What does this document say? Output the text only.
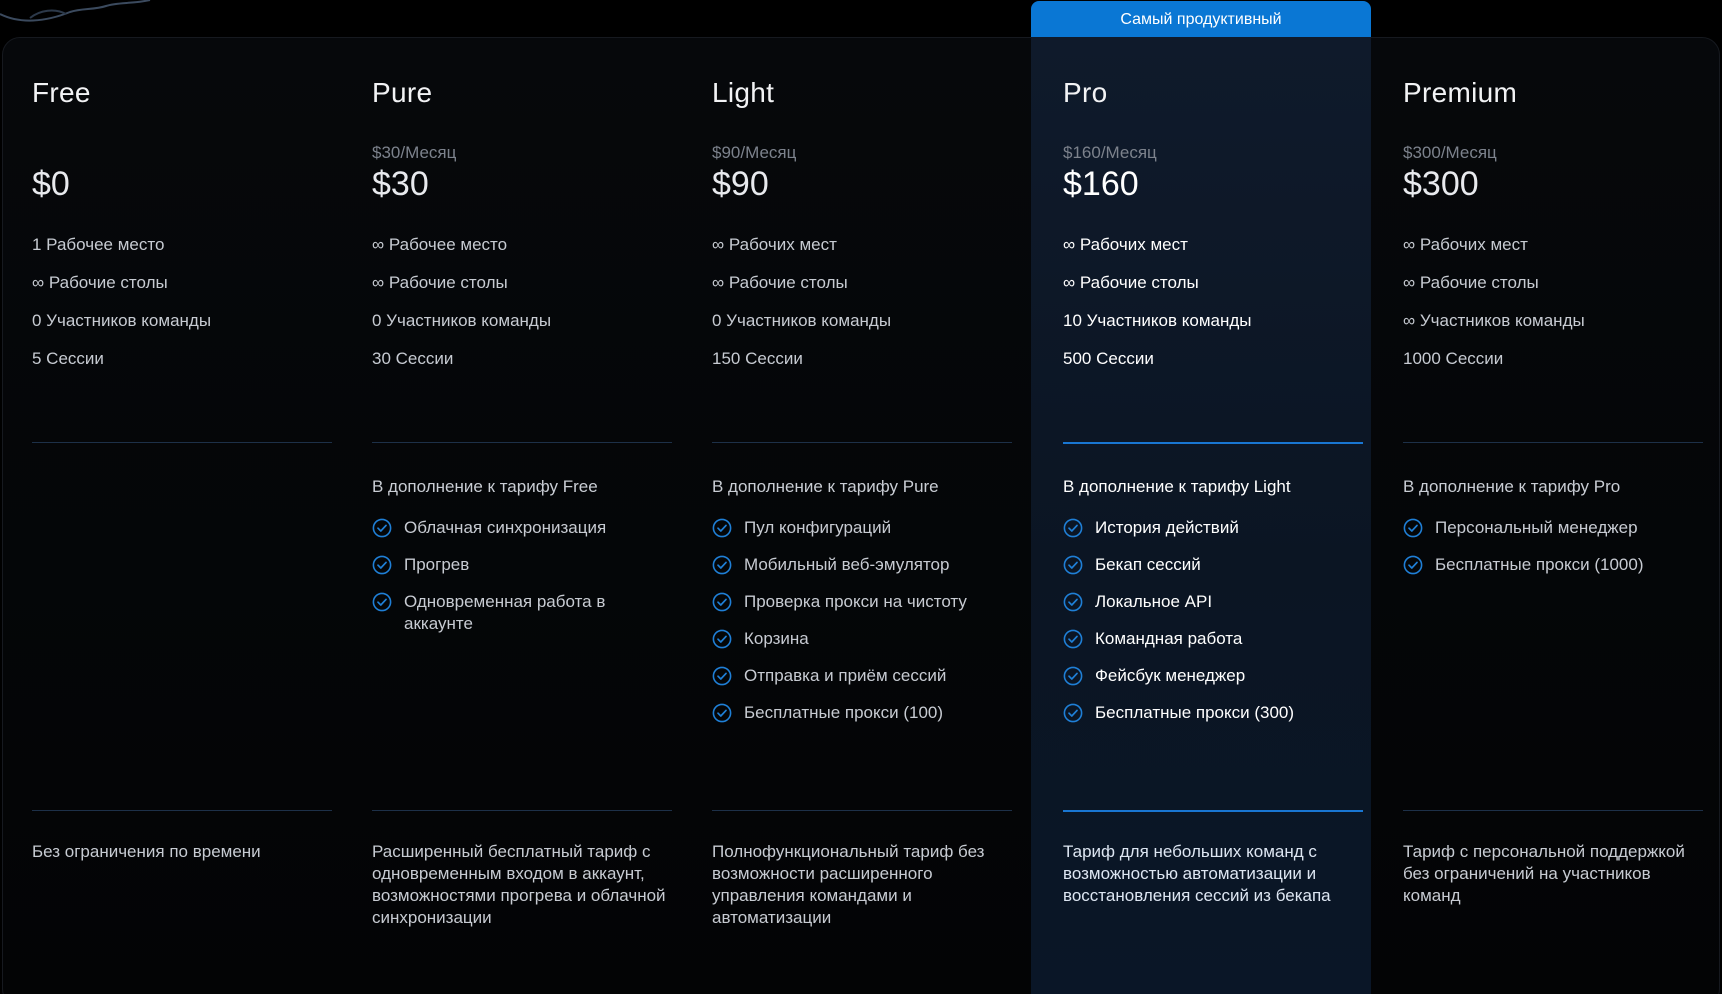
Самый продуктивный
Free
$0
1 Рабочее место
∞ Рабочие столы
0 Участников команды
5 Сессии
Без ограничения по времени
Pure
$30/Месяц
$30
∞ Рабочее место
∞ Рабочие столы
0 Участников команды
30 Сессии
В дополнение к тарифу Free
Облачная синхронизация
Прогрев
Одновременная работа в аккаунте
Расширенный бесплатный тариф с одновременным входом в аккаунт, возможностями прогрева и облачной синхронизации
Light
$90/Месяц
$90
∞ Рабочих мест
∞ Рабочие столы
0 Участников команды
150 Сессии
В дополнение к тарифу Pure
Пул конфигураций
Мобильный веб-эмулятор
Проверка прокси на чистоту
Корзина
Отправка и приём сессий
Бесплатные прокси (100)
Полнофункциональный тариф без возможности расширенного управления командами и автоматизации
Pro
$160/Месяц
$160
∞ Рабочих мест
∞ Рабочие столы
10 Участников команды
500 Сессии
В дополнение к тарифу Light
История действий
Бекап сессий
Локальное API
Командная работа
Фейсбук менеджер
Бесплатные прокси (300)
Тариф для небольших команд с возможностью автоматизации и восстановления сессий из бекапа
Premium
$300/Месяц
$300
∞ Рабочих мест
∞ Рабочие столы
∞ Участников команды
1000 Сессии
В дополнение к тарифу Pro
Персональный менеджер
Бесплатные прокси (1000)
Тариф с персональной поддержкой без ограничений на участников команд
